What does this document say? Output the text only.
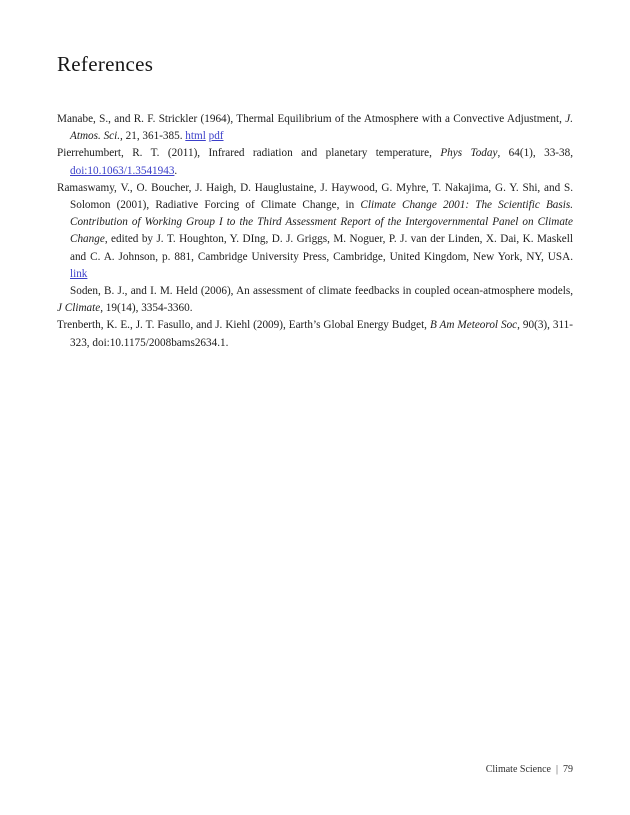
References

Manabe, S., and R. F. Strickler (1964), Thermal Equilibrium of the Atmosphere with a Convective Adjustment, J. Atmos. Sci., 21, 361-385. html pdf

Pierrehumbert, R. T. (2011), Infrared radiation and planetary temperature, Phys Today, 64(1), 33-38, doi:10.1063/1.3541943.

Ramaswamy, V., O. Boucher, J. Haigh, D. Hauglustaine, J. Haywood, G. Myhre, T. Nakajima, G. Y. Shi, and S. Solomon (2001), Radiative Forcing of Climate Change, in Climate Change 2001: The Scientific Basis. Contribution of Working Group I to the Third Assessment Report of the Intergovernmental Panel on Climate Change, edited by J. T. Houghton, Y. DIng, D. J. Griggs, M. Noguer, P. J. van der Linden, X. Dai, K. Maskell and C. A. Johnson, p. 881, Cambridge University Press, Cambridge, United Kingdom, New York, NY, USA. link

Soden, B. J., and I. M. Held (2006), An assessment of climate feedbacks in coupled ocean-atmosphere models, J Climate, 19(14), 3354-3360.

Trenberth, K. E., J. T. Fasullo, and J. Kiehl (2009), Earth’s Global Energy Budget, B Am Meteorol Soc, 90(3), 311-323, doi:10.1175/2008bams2634.1.

Climate Science | 79
